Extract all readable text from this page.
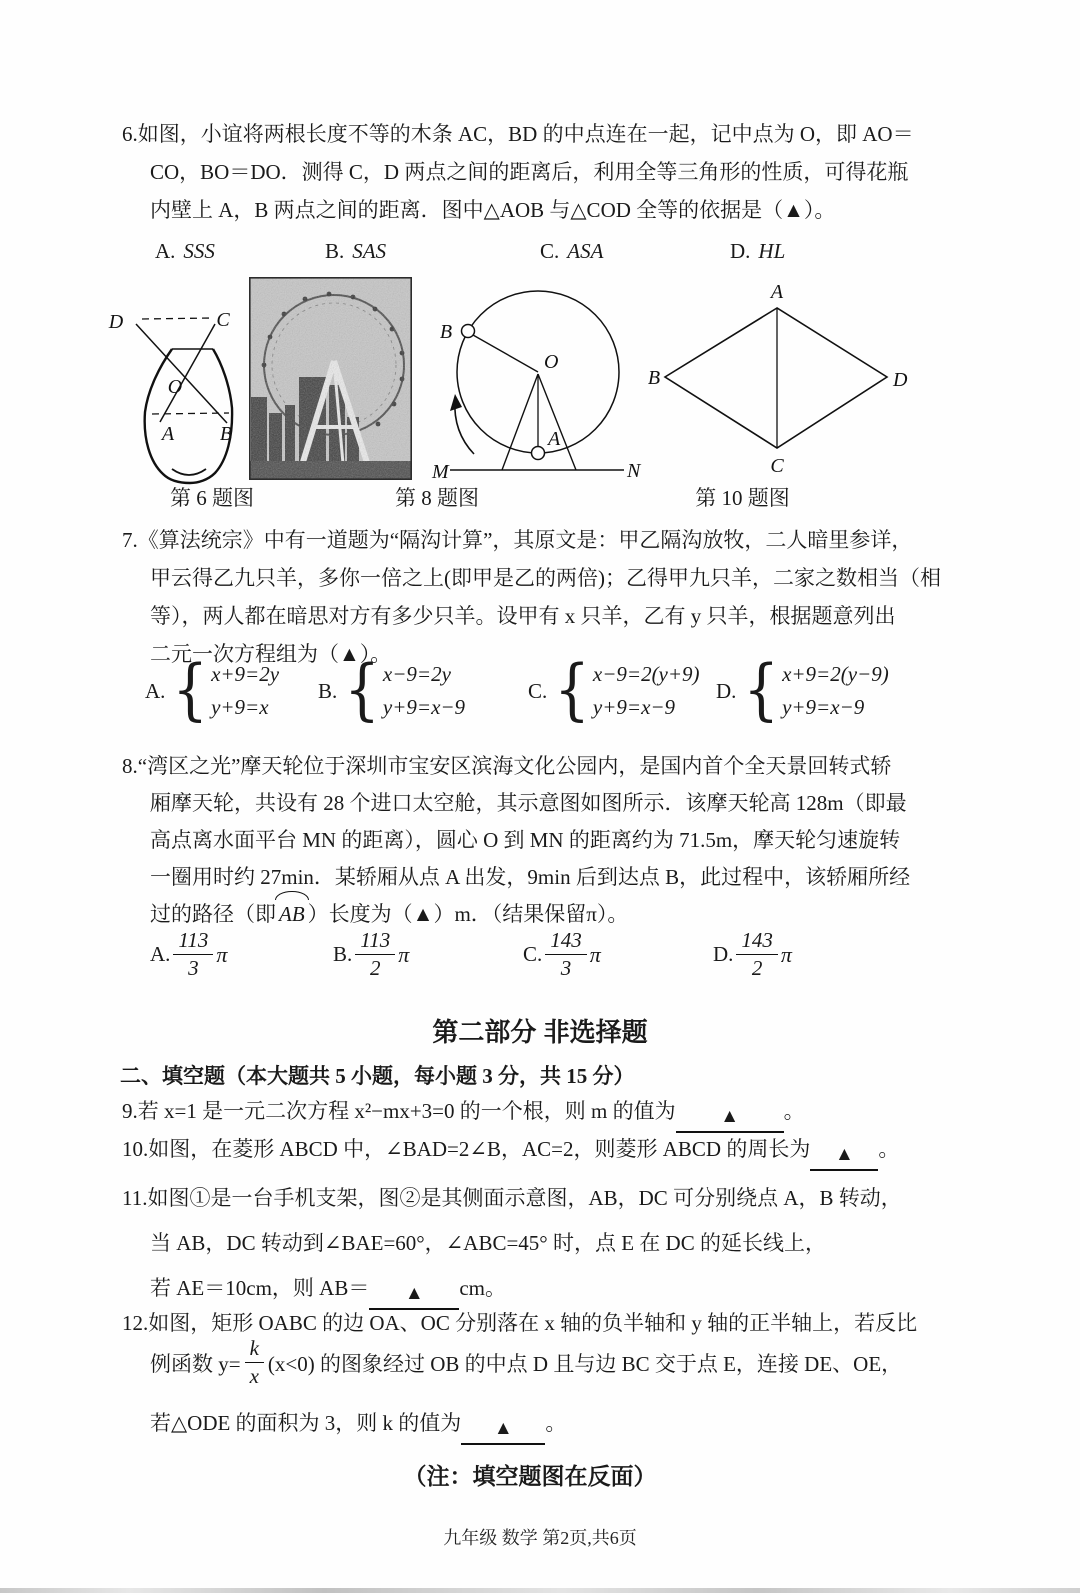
6.如图，小谊将两根长度不等的木条 AC，BD 的中点连在一起，记中点为 O，即 AO＝
CO，BO＝DO．测得 C，D 两点之间的距离后，利用全等三角形的性质，可得花瓶
内壁上 A，B 两点之间的距离．图中△AOB 与△COD 全等的依据是（▲）。
A. SSS	B. SAS	C. ASA	D. HL
D	C
O
A B
B
O
A
M	N
A
B	D
C
第 6 题图	第 8 题图	第 10 题图
7.《算法统宗》中有一道题为“隔沟计算”，其原文是：甲乙隔沟放牧，二人暗里参详，
甲云得乙九只羊，多你一倍之上(即甲是乙的两倍)；乙得甲九只羊，二家之数相当（相
等），两人都在暗思对方有多少只羊。设甲有 x 只羊，乙有 y 只羊，根据题意列出
二元一次方程组为（▲）。
A. { x+9=2y
y+9=x
B. { x−9=2y
y+9=x−9
C. { x−9=2(y+9)
y+9=x−9
D. { x+9=2(y−9)
y+9=x−9
8.“湾区之光”摩天轮位于深圳市宝安区滨海文化公园内，是国内首个全天景回转式轿
厢摩天轮，共设有 28 个进口太空舱，其示意图如图所示．该摩天轮高 128m（即最
高点离水面平台 MN 的距离），圆心 O 到 MN 的距离约为 71.5m，摩天轮匀速旋转
一圈用时约 27min．某轿厢从点 A 出发，9min 后到达点 B，此过程中，该轿厢所经
过的路径（即 AB ）长度为（▲）m．（结果保留π）。
A. $\frac{113}{3}$ π	B. $\frac{113}{2}$ π	C. $\frac{143}{3}$ π	D. $\frac{143}{2}$ π
第二部分 非选择题
二、填空题（本大题共 5 小题，每小题 3 分，共 15 分）
9.若 x=1 是一元二次方程 x²−mx+3=0 的一个根，则 m 的值为 ▲ 。
10.如图，在菱形 ABCD 中，∠BAD=2∠B，AC=2，则菱形 ABCD 的周长为 ▲ 。
11.如图①是一台手机支架，图②是其侧面示意图，AB，DC 可分别绕点 A，B 转动，
当 AB，DC 转动到∠BAE=60°，∠ABC=45° 时，点 E 在 DC 的延长线上，
若 AE＝10cm，则 AB＝ ▲ cm。
12.如图，矩形 OABC 的边 OA、OC 分别落在 x 轴的负半轴和 y 轴的正半轴上，若反比
例函数 $y= \frac{k}{x} (x<0)$ 的图象经过 OB 的中点 D 且与边 BC 交于点 E，连接 DE、OE，
若△ODE 的面积为 3，则 k 的值为 ▲ 。
（注：填空题图在反面）
九年级 数学 第2页,共6页
